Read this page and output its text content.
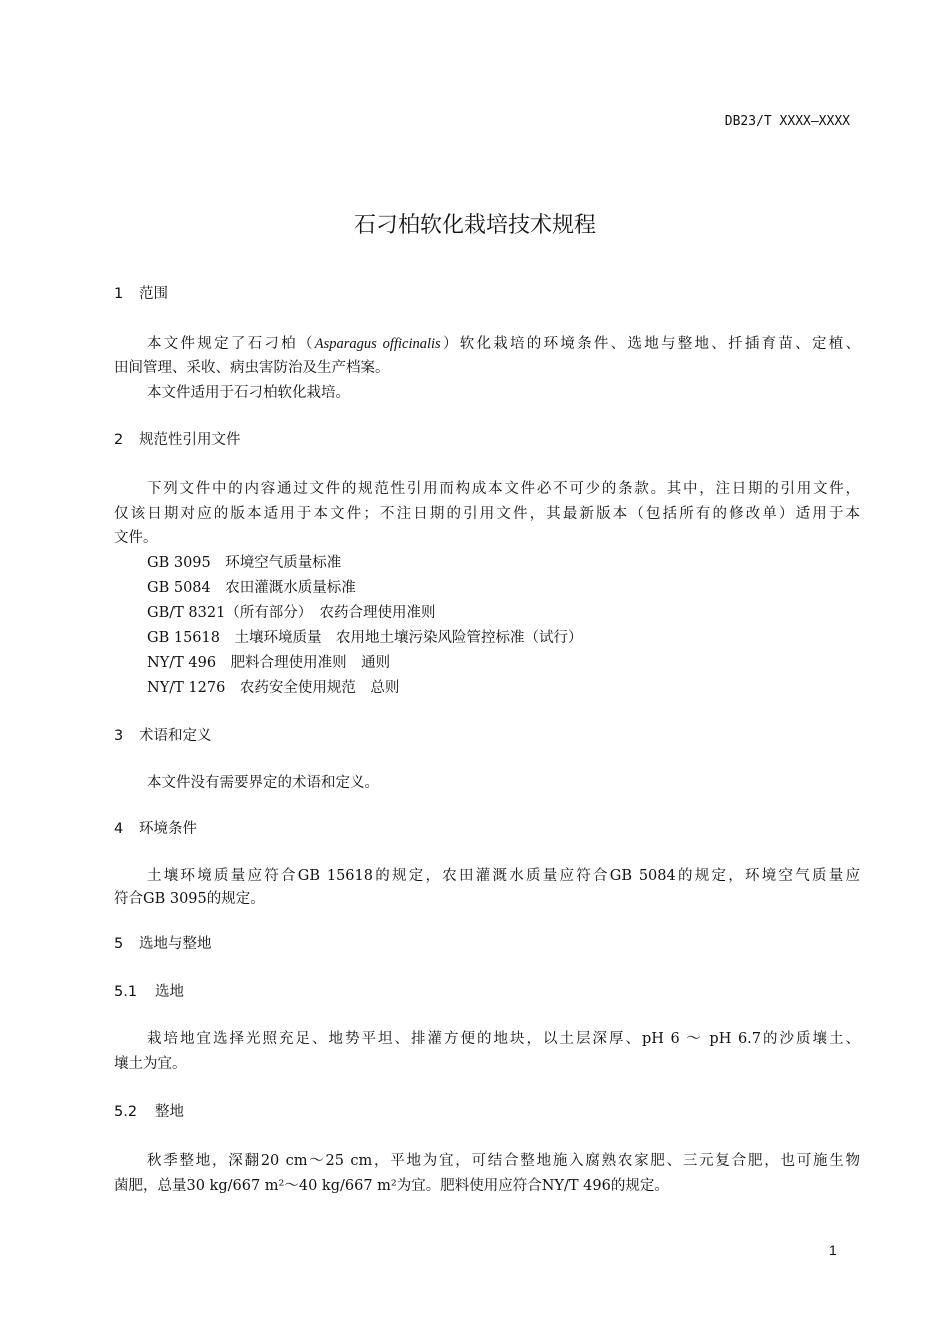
DB23/T XXXX—XXXX
石刁柏软化栽培技术规程
1 范围
本文件规定了石刁柏（Asparagus officinalis）软化栽培的环境条件、选地与整地、扦插育苗、定植、
田间管理、采收、病虫害防治及生产档案。
本文件适用于石刁柏软化栽培。
2 规范性引用文件
下列文件中的内容通过文件的规范性引用而构成本文件必不可少的条款。其中，注日期的引用文件，
仅该日期对应的版本适用于本文件；不注日期的引用文件，其最新版本（包括所有的修改单）适用于本
文件。
GB 3095　环境空气质量标准
GB 5084　农田灌溉水质量标准
GB/T 8321（所有部分）　农药合理使用准则
GB 15618　土壤环境质量　农用地土壤污染风险管控标准（试行）
NY/T 496　肥料合理使用准则　通则
NY/T 1276　农药安全使用规范　总则
3 术语和定义
本文件没有需要界定的术语和定义。
4 环境条件
土壤环境质量应符合GB 15618的规定，农田灌溉水质量应符合GB 5084的规定，环境空气质量应
符合GB 3095的规定。
5 选地与整地
5.1 选地
栽培地宜选择光照充足、地势平坦、排灌方便的地块，以土层深厚、pH 6 ～ pH 6.7的沙质壤土、
壤土为宜。
5.2 整地
秋季整地，深翻20 cm～25 cm，平地为宜，可结合整地施入腐熟农家肥、三元复合肥，也可施生物
菌肥，总量30 kg/667 m²～40 kg/667 m²为宜。肥料使用应符合NY/T 496的规定。
1
